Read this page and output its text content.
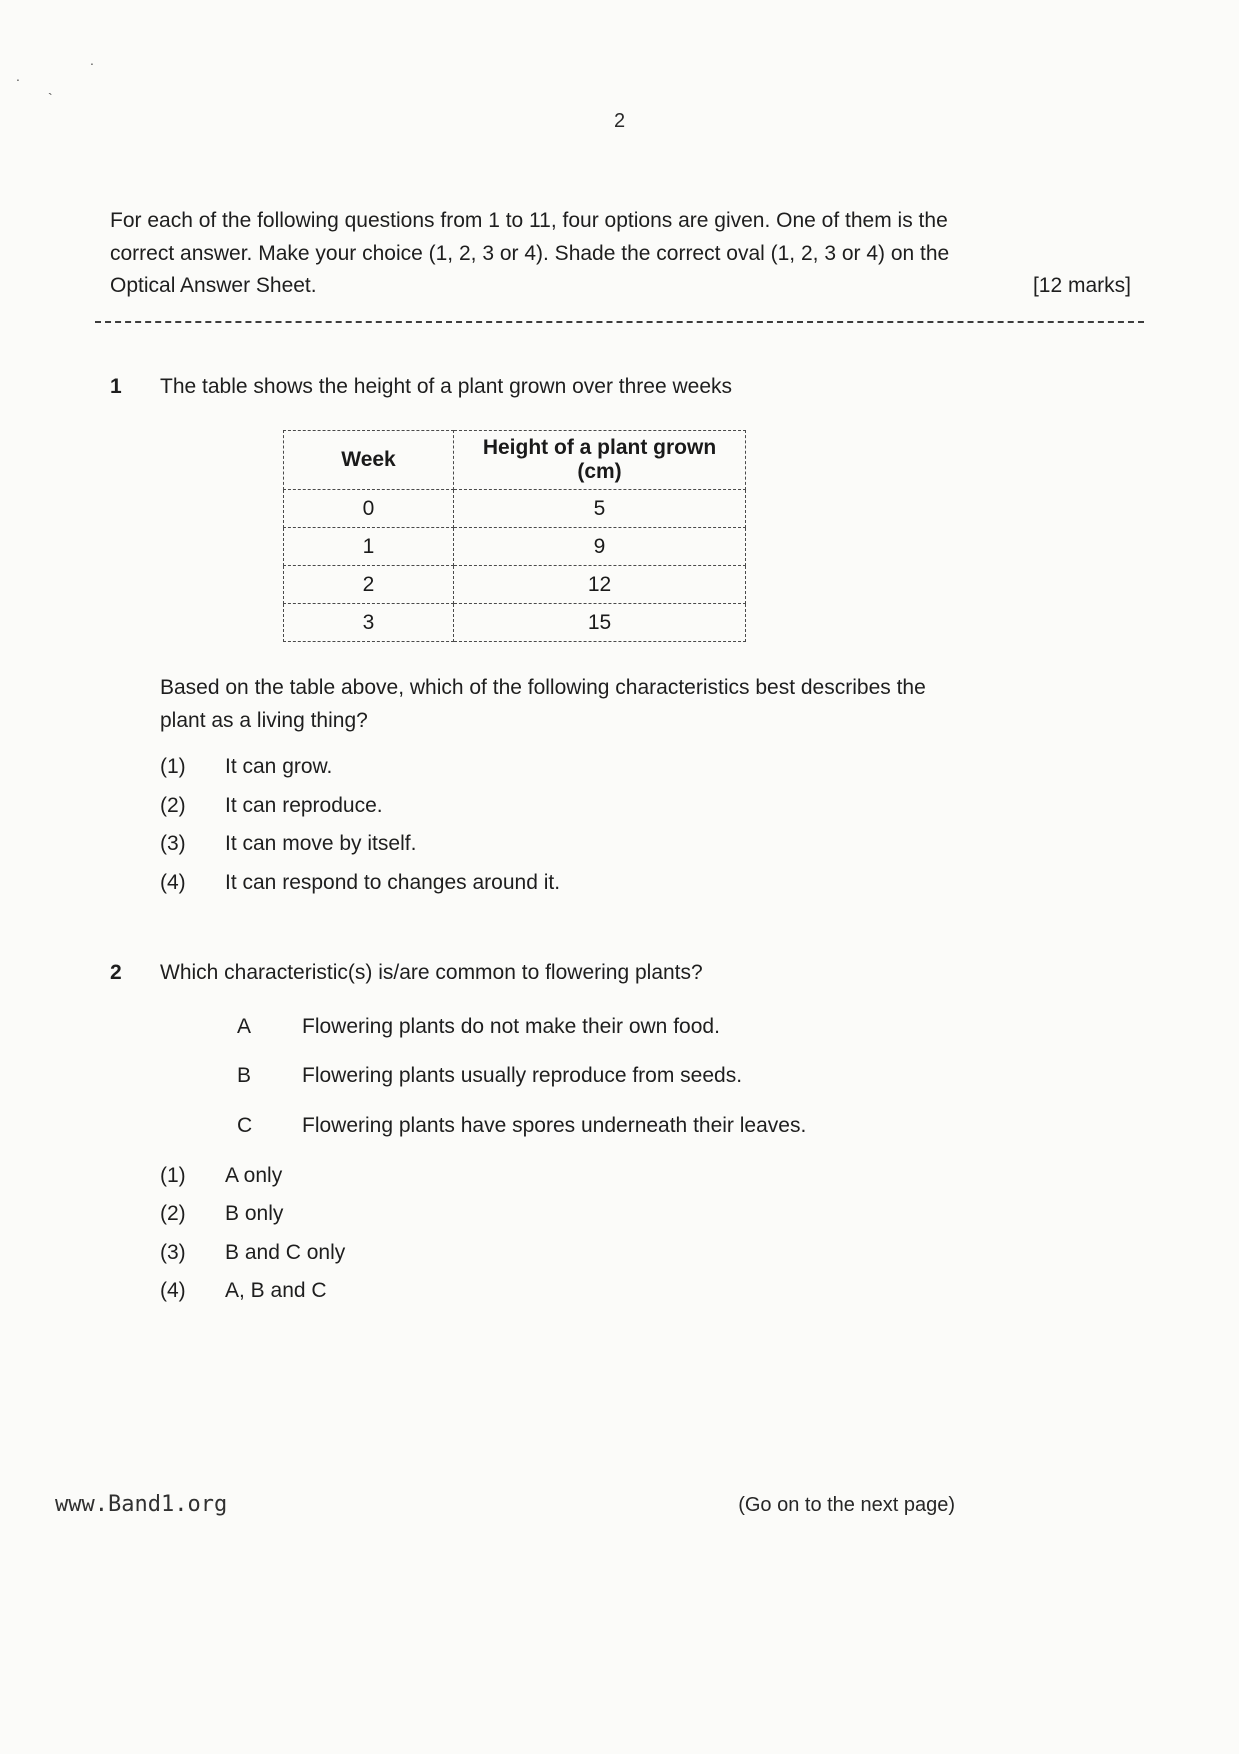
.
.
`
2
For each of the following questions from 1 to 11, four options are given. One of them is the
correct answer. Make your choice (1, 2, 3 or 4). Shade the correct oval (1, 2, 3 or 4) on the
Optical Answer Sheet.	[12 marks]
1	The table shows the height of a plant grown over three weeks
Week	Height of a plant grown (cm)
0	5
1	9
2	12
3	15
Based on the table above, which of the following characteristics best describes the plant as a living thing?
(1)	It can grow.
(2)	It can reproduce.
(3)	It can move by itself.
(4)	It can respond to changes around it.
2	Which characteristic(s) is/are common to flowering plants?
A	Flowering plants do not make their own food.
B	Flowering plants usually reproduce from seeds.
C	Flowering plants have spores underneath their leaves.
(1)	A only
(2)	B only
(3)	B and C only
(4)	A, B and C
www.Band1.org	(Go on to the next page)
